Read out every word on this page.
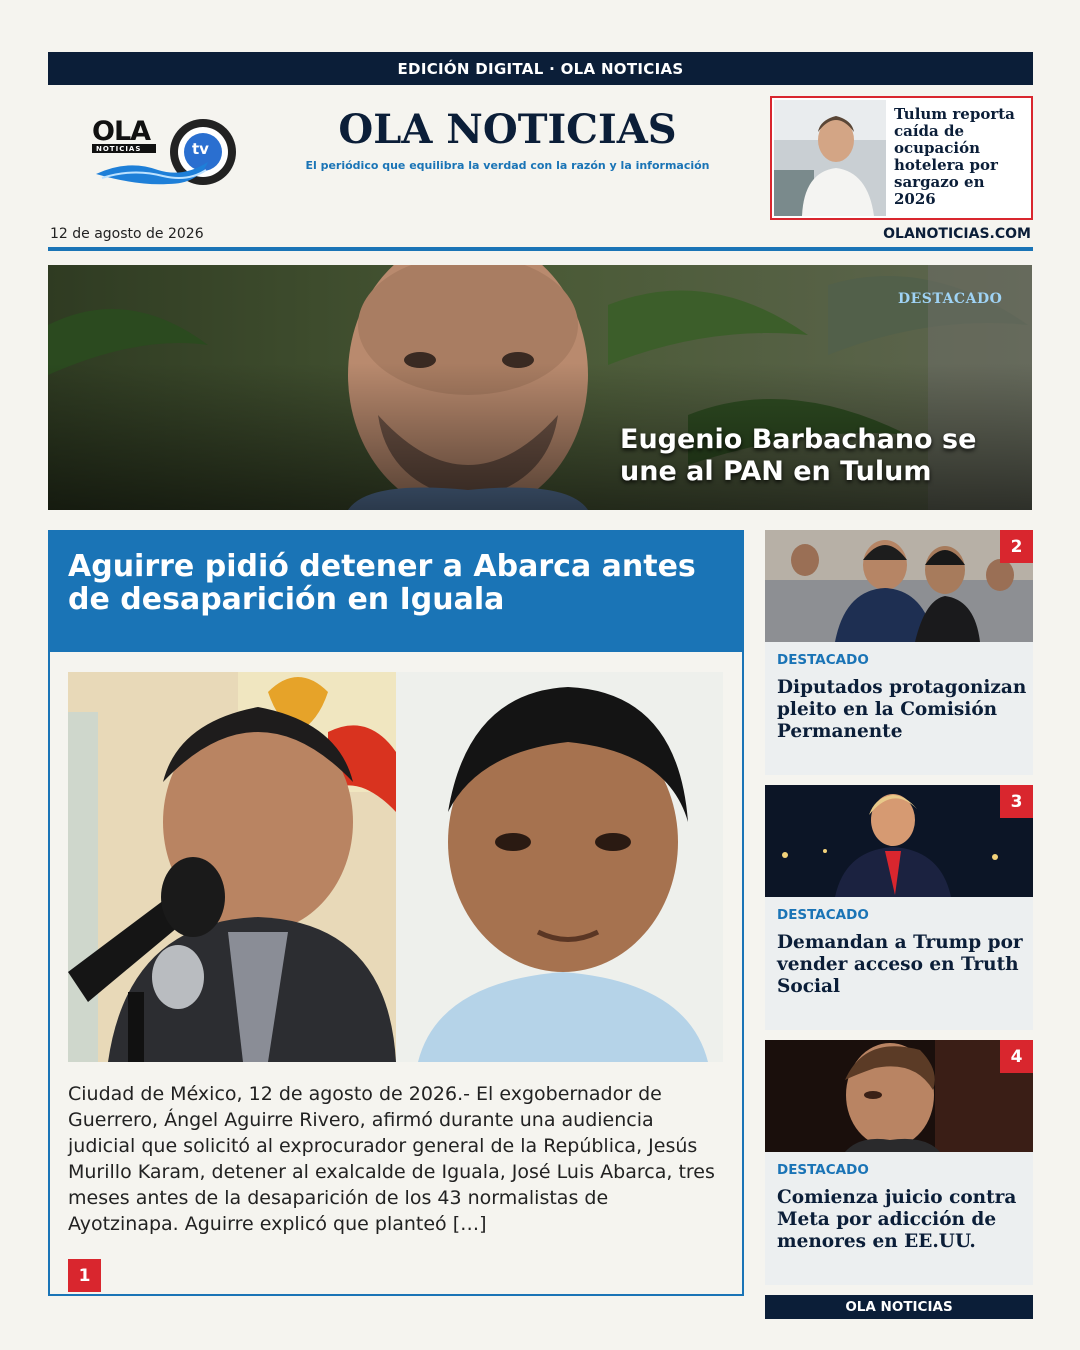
EDICIÓN DIGITAL · OLA NOTICIAS
OLA
NOTICIAS	tv	OLA NOTICIAS
El periódico que equilibra la verdad con la razón y la información
Tulum reporta caída de ocupación hotelera por sargazo en 2026
12 de agosto de 2026	OLANOTICIAS.COM
DESTACADO
Eugenio Barbachano se une al PAN en Tulum
Aguirre pidió detener a Abarca antes de desaparición en Iguala
Ciudad de México, 12 de agosto de 2026.- El exgobernador de Guerrero, Ángel Aguirre Rivero, afirmó durante una audiencia judicial que solicitó al exprocurador general de la República, Jesús Murillo Karam, detener al exalcalde de Iguala, José Luis Abarca, tres meses antes de la desaparición de los 43 normalistas de Ayotzinapa. Aguirre explicó que planteó […]
1
DESTACADO
Diputados protagonizan pleito en la Comisión Permanente
2
DESTACADO
Demandan a Trump por vender acceso en Truth Social
3
DESTACADO
Comienza juicio contra Meta por adicción de menores en EE.UU.
4
OLA NOTICIAS
